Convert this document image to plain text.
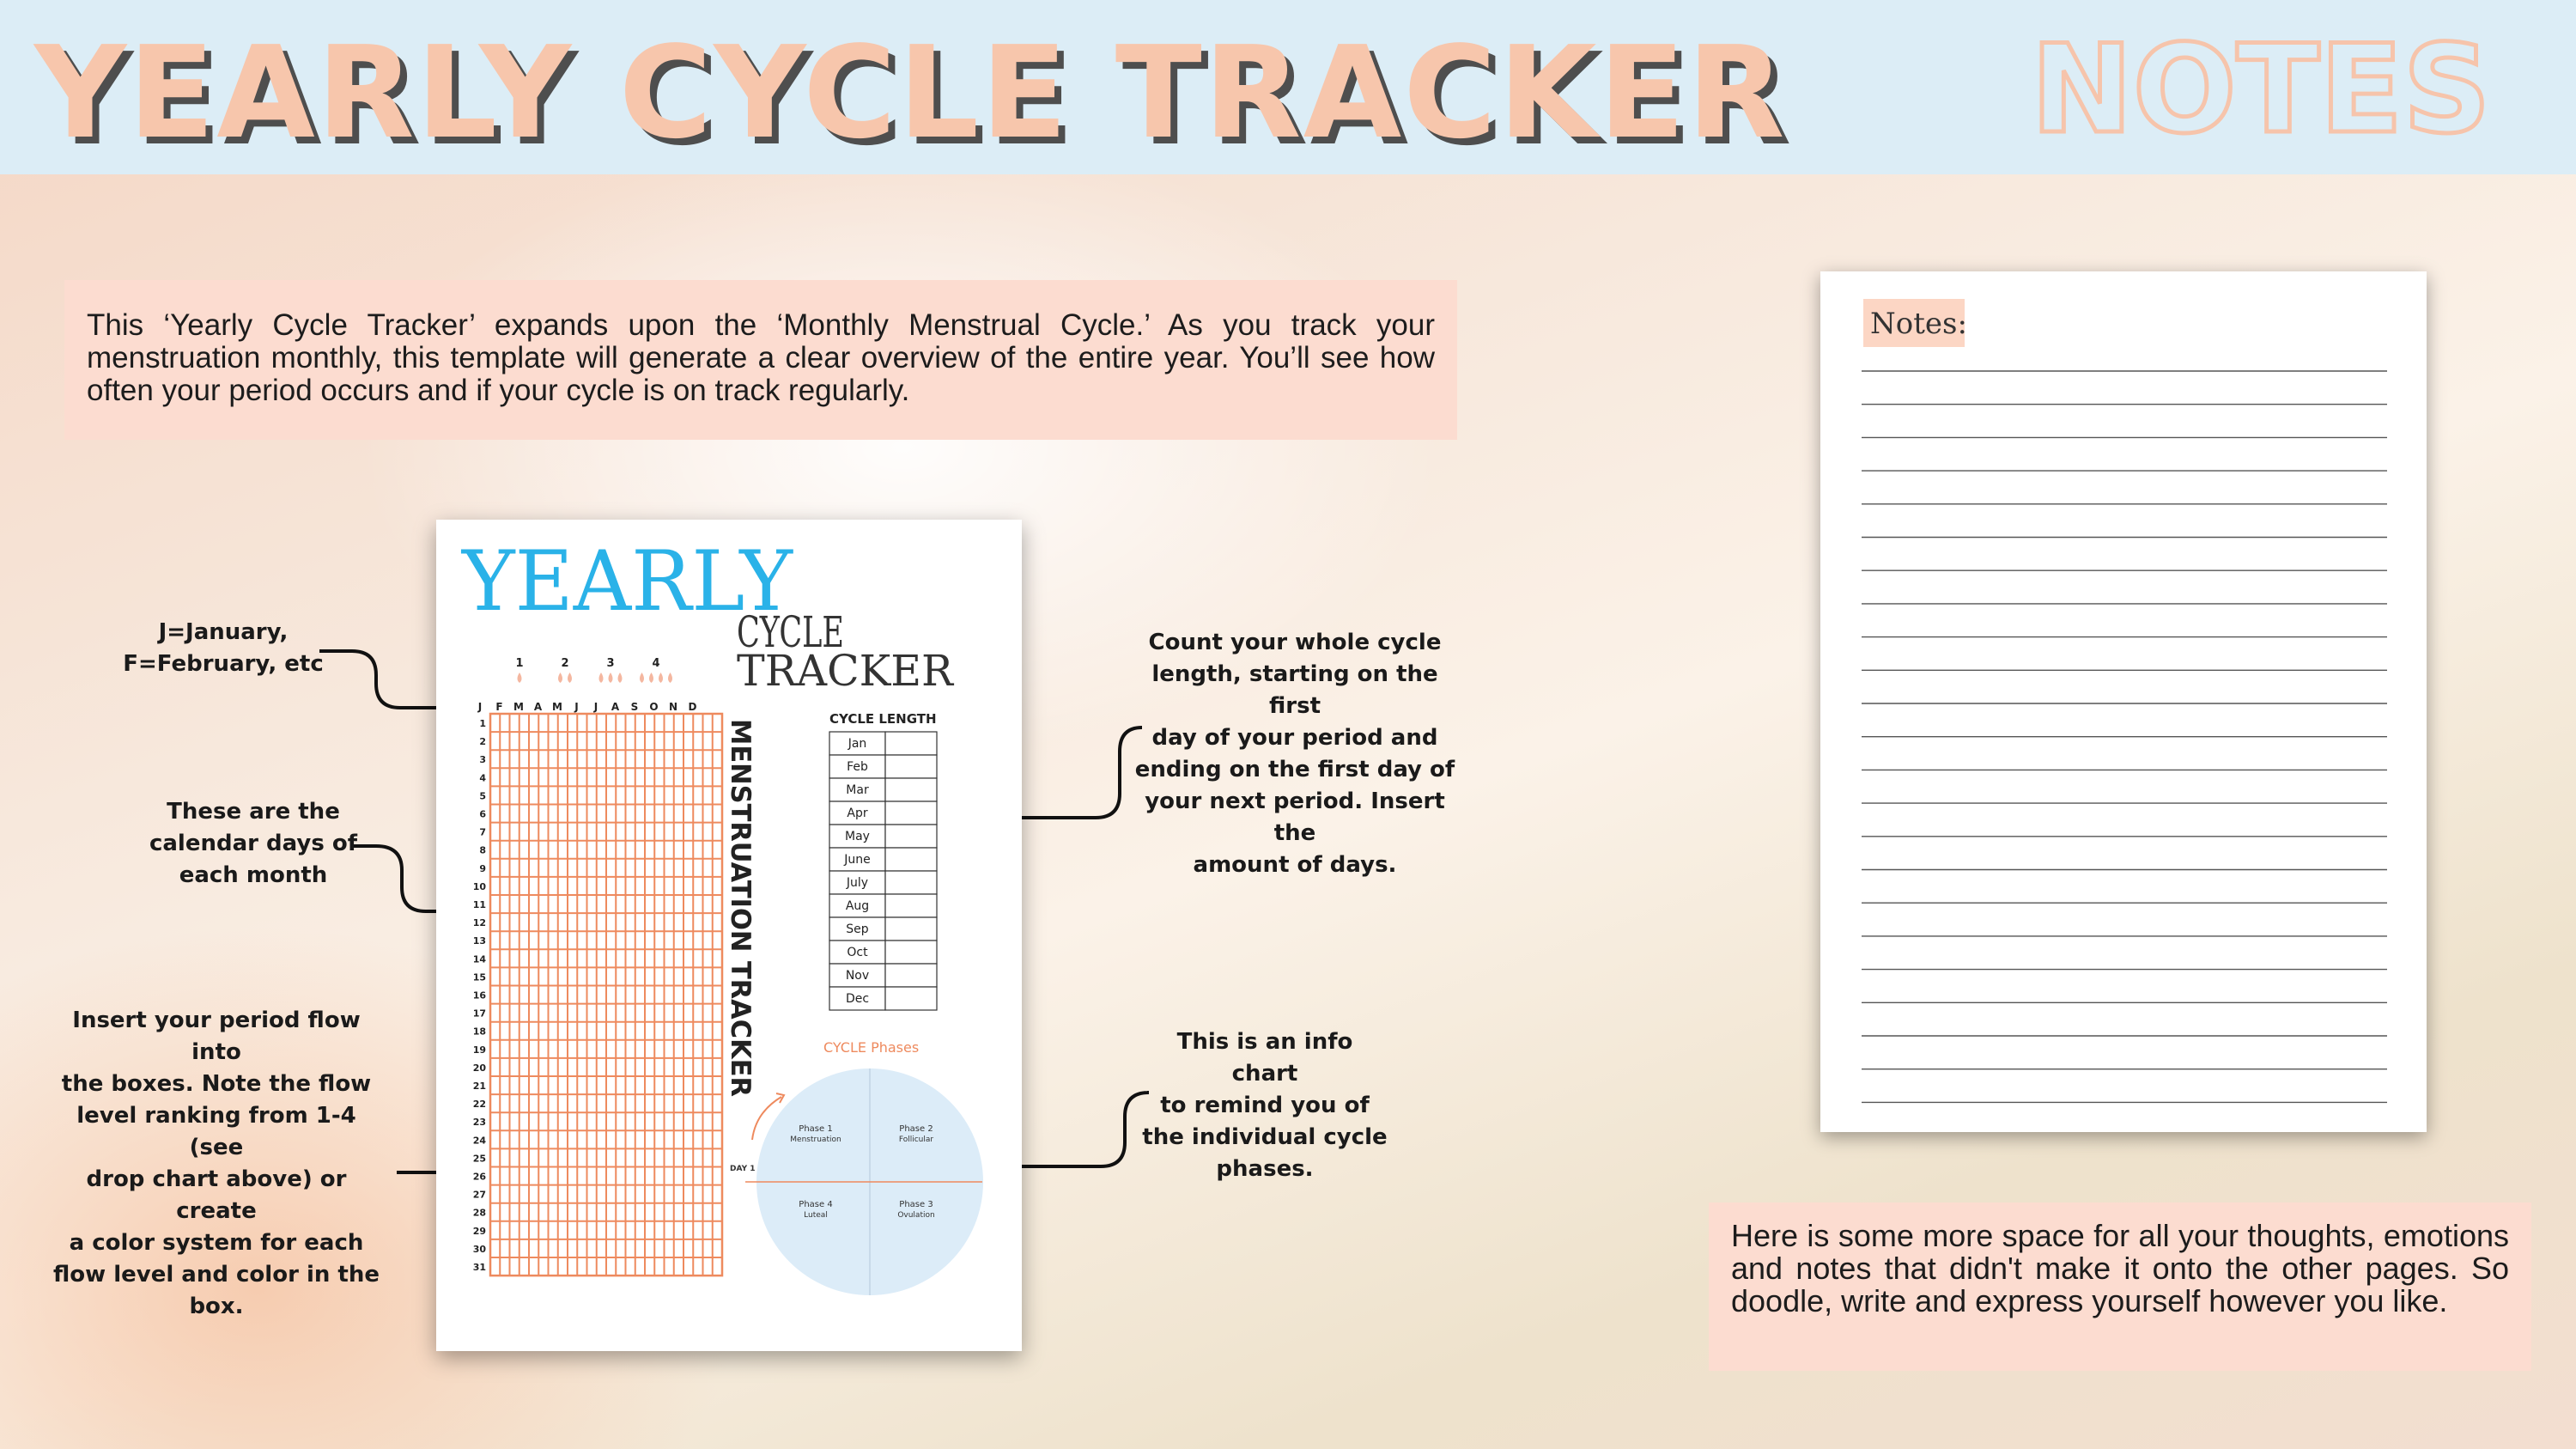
YEARLY CYCLE TRACKER NOTES
This ‘Yearly Cycle Tracker’ expands upon the ‘Monthly Menstrual Cycle.’ As you track your menstruation monthly, this template will generate a clear overview of the entire year. You’ll see how often your period occurs and if your cycle is on track regularly.
Here is some more space for all your thoughts, emotions and notes that didn't make it onto the other pages. So doodle, write and express yourself however you like.

J=January,
F=February, etc

These are the
calendar days of
each month

Insert your period flow into
the boxes. Note the flow
level ranking from 1-4 (see
drop chart above) or create
a color system for each
flow level and color in the
box.

Count your whole cycle
length, starting on the first
day of your period and
ending on the first day of
your next period. Insert the
amount of days.

This is an info chart
to remind you of
the individual cycle
phases.

YEARLY
CYCLE
TRACKER
1	2	3	4
J F M A M J J A S O N D
1
2
3
4
5
6
7
8
9
10
11
12
13
14
15
16
17
18
19
20
21
22
23
24
25
26
27
28
29
30
31
MENSTRUATION TRACKER	CYCLE LENGTH
Jan
Feb
Mar
Apr
May
June
July
Aug
Sep
Oct
Nov
Dec
CYCLE Phases
DAY 1
Phase 1
Menstruation
Phase 2
Follicular
Phase 3
Ovulation
Phase 4
Luteal
Notes:
